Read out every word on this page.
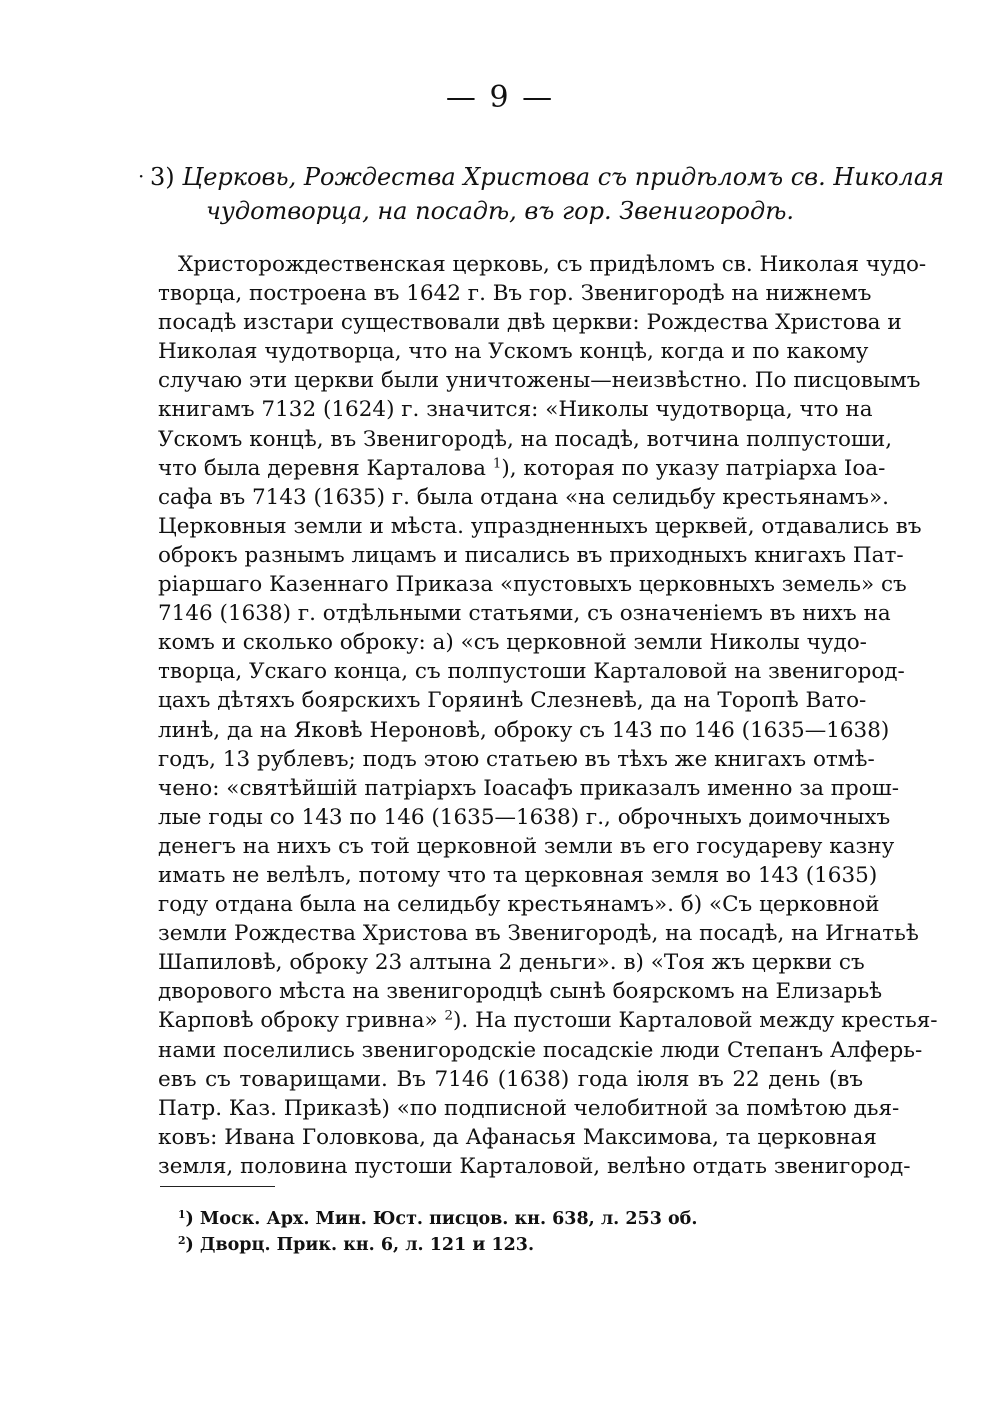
— 9 —
· 3) Церковь, Рождества Христова съ придѣломъ св. Николая
чудотворца, на посадѣ, въ гор. Звенигородѣ.
Христорождественская церковь, съ придѣломъ св. Николая чудо-
творца, построена въ 1642 г. Въ гор. Звенигородѣ на нижнемъ
посадѣ изстари существовали двѣ церкви: Рождества Христова и
Николая чудотворца, что на Ускомъ концѣ, когда и по какому
случаю эти церкви были уничтожены—неизвѣстно. По писцовымъ
книгамъ 7132 (1624) г. значится: «Николы чудотворца, что на
Ускомъ концѣ, въ Звенигородѣ, на посадѣ, вотчина полпустоши,
что была деревня Карталова $^1$), которая по указу патріарха Іоа-
сафа въ 7143 (1635) г. была отдана «на селидьбу крестьянамъ».
Церковныя земли и мѣста. упраздненныхъ церквей, отдавались въ
оброкъ разнымъ лицамъ и писались въ приходныхъ книгахъ Пат-
ріаршаго Казеннаго Приказа «пустовыхъ церковныхъ земель» съ
7146 (1638) г. отдѣльными статьями, съ означеніемъ въ нихъ на
комъ и сколько оброку: а) «съ церковной земли Николы чудо-
творца, Ускаго конца, съ полпустоши Карталовой на звенигород-
цахъ дѣтяхъ боярскихъ Горяинѣ Слезневѣ, да на Торопѣ Вато-
линѣ, да на Яковѣ Нероновѣ, оброку съ 143 по 146 (1635—1638)
годъ, 13 рублевъ; подъ этою статьею въ тѣхъ же книгахъ отмѣ-
чено: «святѣйшій патріархъ Іоасафъ приказалъ именно за прош-
лые годы со 143 по 146 (1635—1638) г., оброчныхъ доимочныхъ
денегъ на нихъ съ той церковной земли въ его государеву казну
имать не велѣлъ, потому что та церковная земля во 143 (1635)
году отдана была на селидьбу крестьянамъ». б) «Съ церковной
земли Рождества Христова въ Звенигородѣ, на посадѣ, на Игнатьѣ
Шапиловѣ, оброку 23 алтына 2 деньги». в) «Тоя жъ церкви съ
дворового мѣста на звенигородцѣ сынѣ боярскомъ на Елизарьѣ
Карповѣ оброку гривна» $^2$). На пустоши Карталовой между крестья-
нами поселились звенигородскіе посадскіе люди Степанъ Алферь-
евъ съ товарищами. Въ 7146 (1638) года іюля въ 22 день (въ
Патр. Каз. Приказѣ) «по подписной челобитной за помѣтою дья-
ковъ: Ивана Головкова, да Афанасья Максимова, та церковная
земля, половина пустоши Карталовой, велѣно отдать звенигород-
$^1$) Моск. Арх. Мин. Юст. писцов. кн. 638, л. 253 об.
$^2$) Дворц. Прик. кн. 6, л. 121 и 123.
